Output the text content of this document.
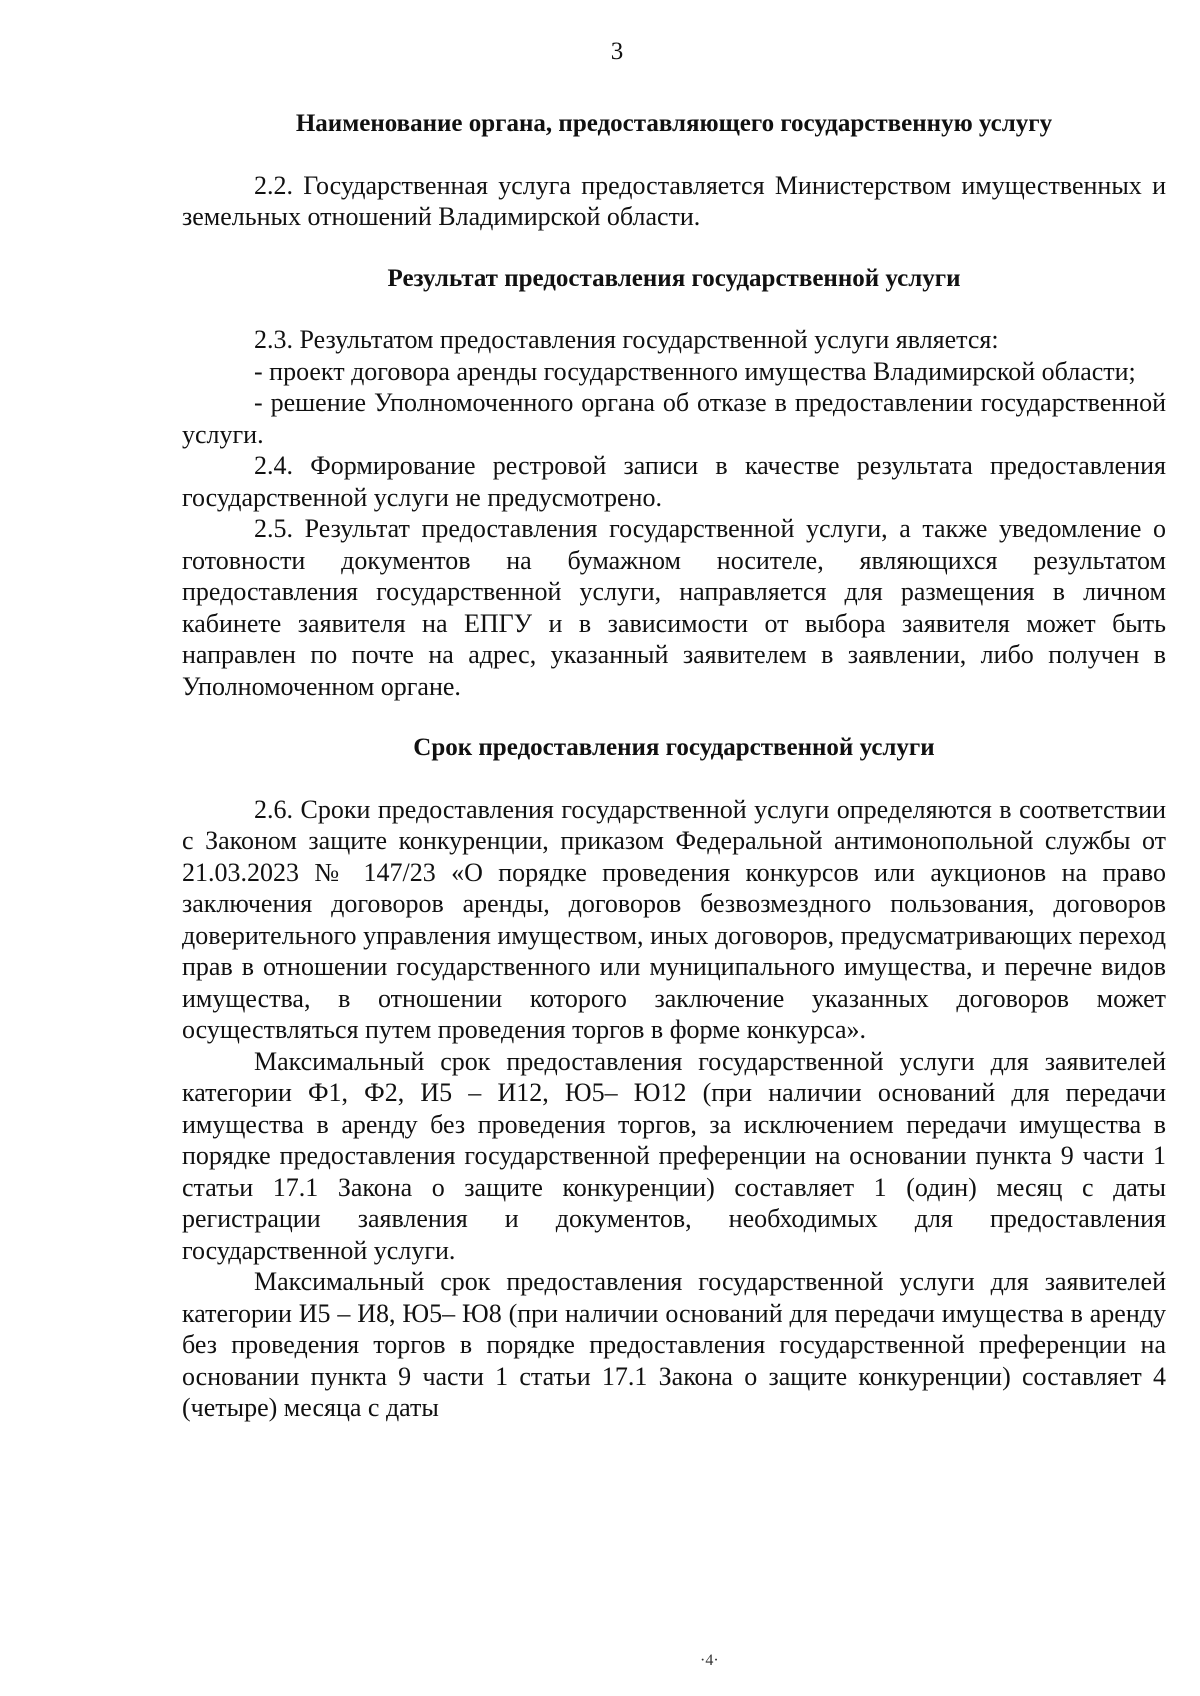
3

Наименование органа, предоставляющего государственную услугу

2.2. Государственная услуга предоставляется Министерством имущественных и земельных отношений Владимирской области.

Результат предоставления государственной услуги

2.3. Результатом предоставления государственной услуги является:

- проект договора аренды государственного имущества Владимирской области;

- решение Уполномоченного органа об отказе в предоставлении государственной услуги.

2.4. Формирование рестровой записи в качестве результата предоставления государственной услуги не предусмотрено.

2.5. Результат предоставления государственной услуги, а также уведомление о готовности документов на бумажном носителе, являющихся результатом предоставления государственной услуги, направляется для размещения в личном кабинете заявителя на ЕПГУ и в зависимости от выбора заявителя может быть направлен по почте на адрес, указанный заявителем в заявлении, либо получен в Уполномоченном органе.

Срок предоставления государственной услуги

2.6. Сроки предоставления государственной услуги определяются в соответствии с Законом защите конкуренции, приказом Федеральной антимонопольной службы от 21.03.2023 № 147/23 «О порядке проведения конкурсов или аукционов на право заключения договоров аренды, договоров безвозмездного пользования, договоров доверительного управления имуществом, иных договоров, предусматривающих переход прав в отношении государственного или муниципального имущества, и перечне видов имущества, в отношении которого заключение указанных договоров может осуществляться путем проведения торгов в форме конкурса».

Максимальный срок предоставления государственной услуги для заявителей категории Ф1, Ф2, И5 – И12, Ю5– Ю12 (при наличии оснований для передачи имущества в аренду без проведения торгов, за исключением передачи имущества в порядке предоставления государственной преференции на основании пункта 9 части 1 статьи 17.1 Закона о защите конкуренции) составляет 1 (один) месяц с даты регистрации заявления и документов, необходимых для предоставления государственной услуги.

Максимальный срок предоставления государственной услуги для заявителей категории И5 – И8, Ю5– Ю8 (при наличии оснований для передачи имущества в аренду без проведения торгов в порядке предоставления государственной преференции на основании пункта 9 части 1 статьи 17.1 Закона о защите конкуренции) составляет 4 (четыре) месяца с даты

·4·
